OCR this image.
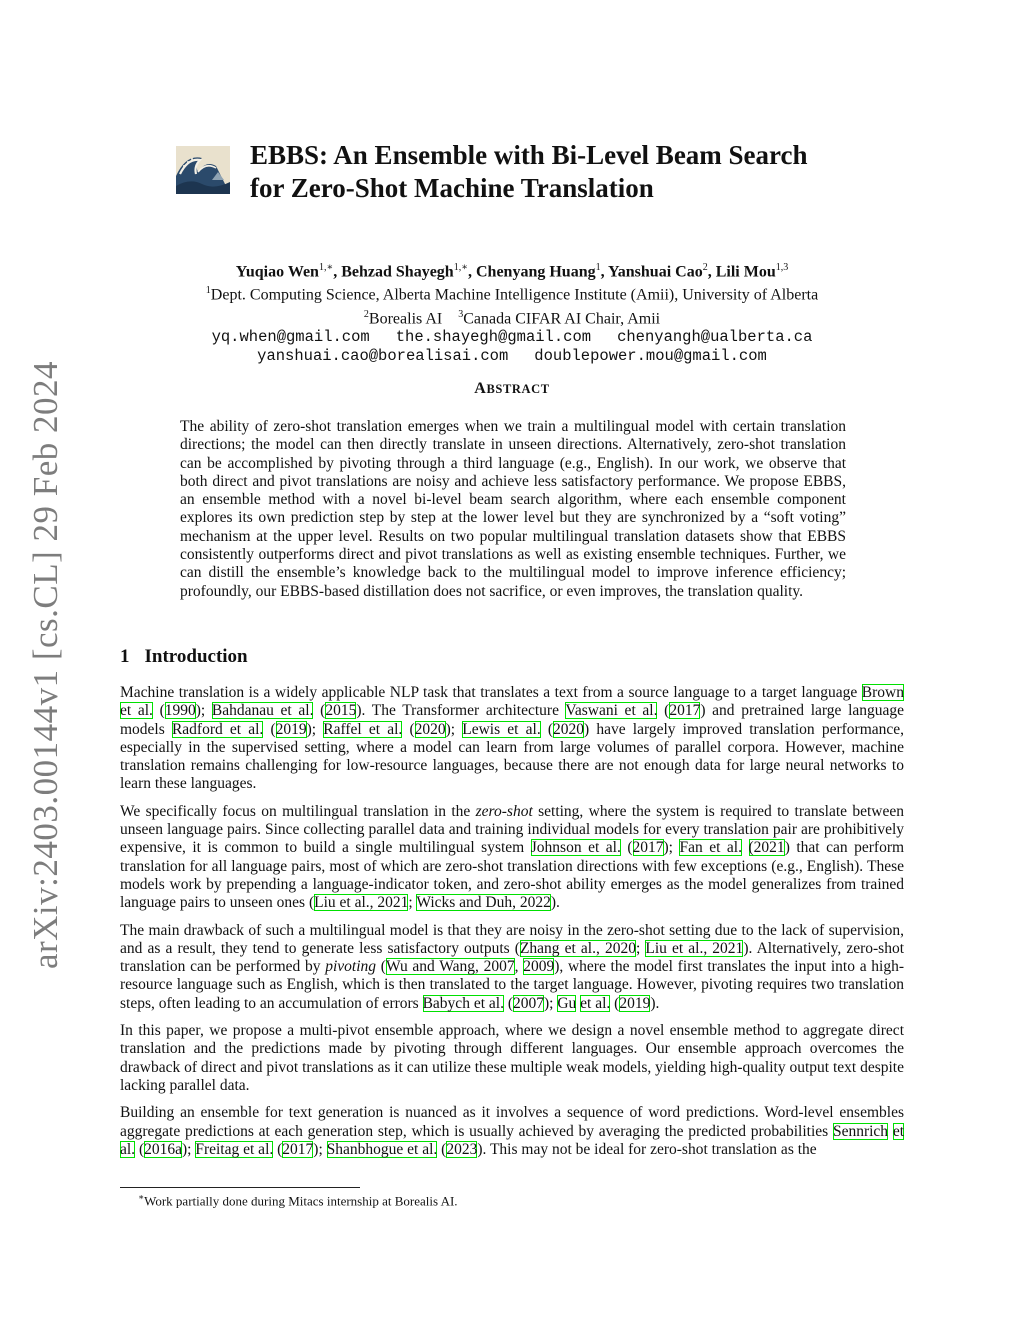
arXiv:2403.00144v1 [cs.CL] 29 Feb 2024
EBBS: An Ensemble with Bi-Level Beam Search
for Zero-Shot Machine Translation
Yuqiao Wen$^{1,∗}$, Behzad Shayegh$^{1,∗}$, Chenyang Huang$^1$, Yanshuai Cao$^2$, Lili Mou$^{1,3}$
$^1$Dept. Computing Science, Alberta Machine Intelligence Institute (Amii), University of Alberta
$^2$Borealis AI $^3$Canada CIFAR AI Chair, Amii
yq.when@gmail.com the.shayegh@gmail.com chenyangh@ualberta.ca
yanshuai.cao@borealisai.com doublepower.mou@gmail.com
ABSTRACT

The ability of zero-shot translation emerges when we train a multilingual model with certain translation directions; the model can then directly translate in unseen directions. Alternatively, zero-shot translation can be accomplished by pivoting through a third language (e.g., English). In our work, we observe that both direct and pivot translations are noisy and achieve less satisfactory performance. We propose EBBS, an ensemble method with a novel bi-level beam search algorithm, where each ensemble component explores its own prediction step by step at the lower level but they are synchronized by a “soft voting” mechanism at the upper level. Results on two popular multilingual translation datasets show that EBBS consistently outperforms direct and pivot translations as well as existing ensemble techniques. Further, we can distill the ensemble’s knowledge back to the multilingual model to improve inference efficiency; profoundly, our EBBS-based distillation does not sacrifice, or even improves, the translation quality.

1 Introduction

Machine translation is a widely applicable NLP task that translates a text from a source language to a target language Brown et al. (1990); Bahdanau et al. (2015). The Transformer architecture Vaswani et al. (2017) and pretrained large language models Radford et al. (2019); Raffel et al. (2020); Lewis et al. (2020) have largely improved translation performance, especially in the supervised setting, where a model can learn from large volumes of parallel corpora. However, machine translation remains challenging for low-resource languages, because there are not enough data for large neural networks to learn these languages.

We specifically focus on multilingual translation in the zero-shot setting, where the system is required to translate between unseen language pairs. Since collecting parallel data and training individual models for every translation pair are prohibitively expensive, it is common to build a single multilingual system Johnson et al. (2017); Fan et al. (2021) that can perform translation for all language pairs, most of which are zero-shot translation directions with few exceptions (e.g., English). These models work by prepending a language-indicator token, and zero-shot ability emerges as the model generalizes from trained language pairs to unseen ones (Liu et al., 2021; Wicks and Duh, 2022).

The main drawback of such a multilingual model is that they are noisy in the zero-shot setting due to the lack of supervision, and as a result, they tend to generate less satisfactory outputs (Zhang et al., 2020; Liu et al., 2021). Alternatively, zero-shot translation can be performed by pivoting (Wu and Wang, 2007, 2009), where the model first translates the input into a high-resource language such as English, which is then translated to the target language. However, pivoting requires two translation steps, often leading to an accumulation of errors Babych et al. (2007); Gu et al. (2019).

In this paper, we propose a multi-pivot ensemble approach, where we design a novel ensemble method to aggregate direct translation and the predictions made by pivoting through different languages. Our ensemble approach overcomes the drawback of direct and pivot translations as it can utilize these multiple weak models, yielding high-quality output text despite lacking parallel data.

Building an ensemble for text generation is nuanced as it involves a sequence of word predictions. Word-level ensembles aggregate predictions at each generation step, which is usually achieved by averaging the predicted probabilities Sennrich et al. (2016a); Freitag et al. (2017); Shanbhogue et al. (2023). This may not be ideal for zero-shot translation as the

∗Work partially done during Mitacs internship at Borealis AI.
